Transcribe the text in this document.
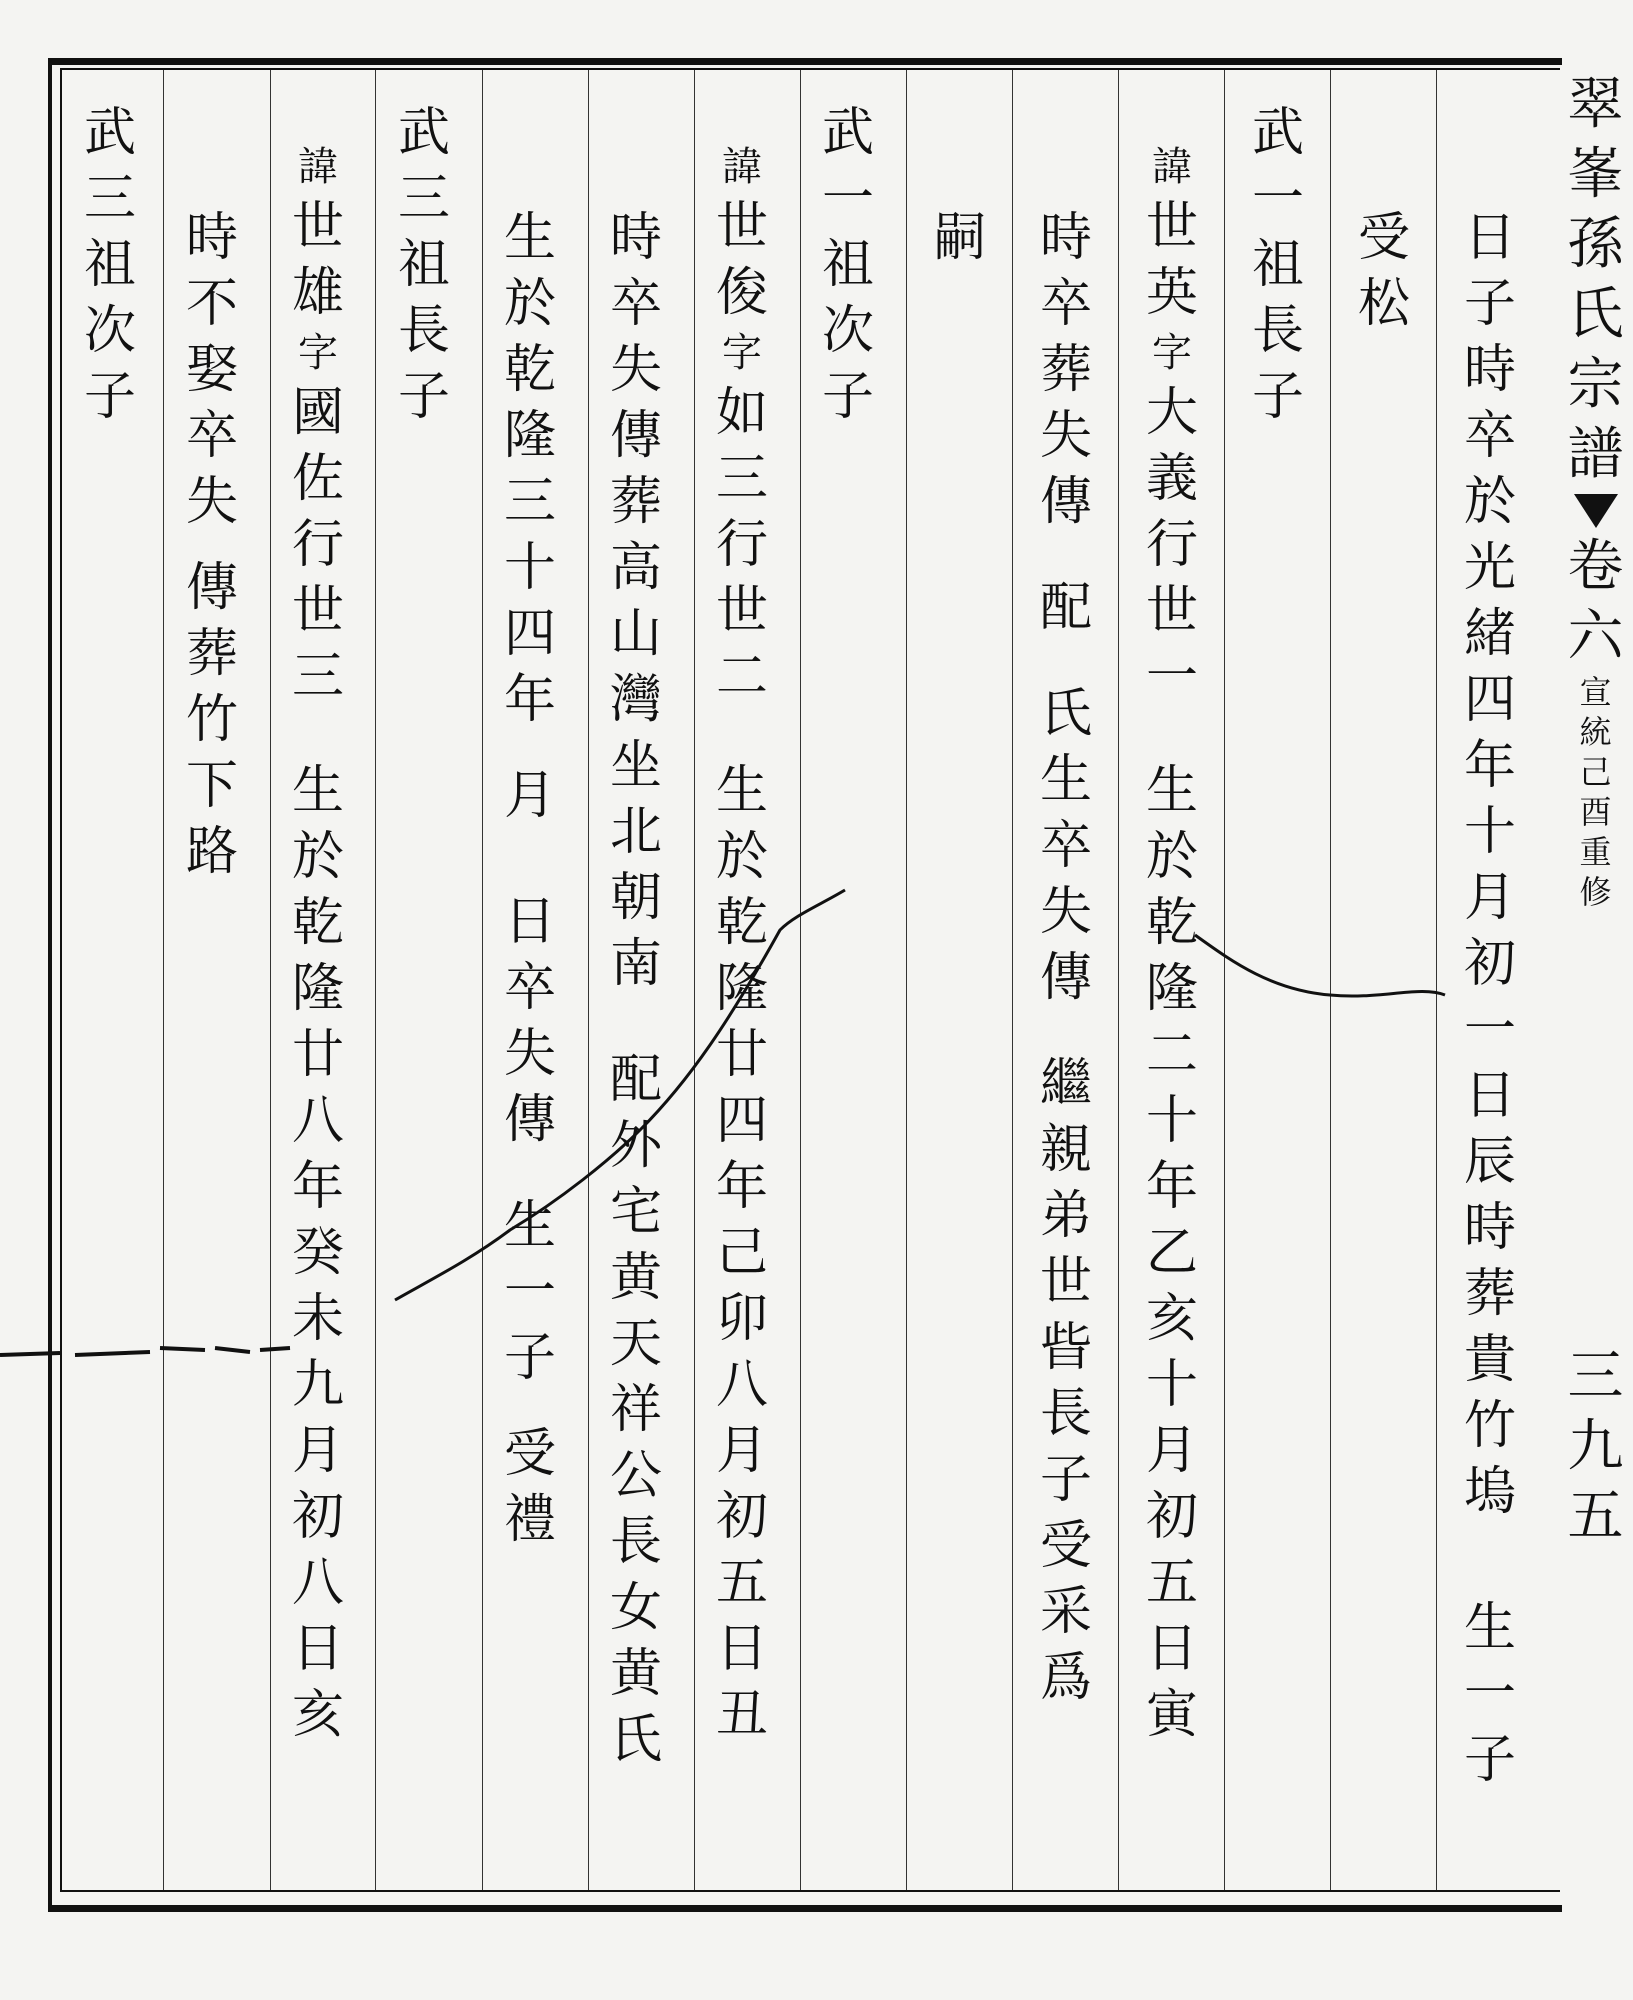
日
子
時
卒
於
光
緒
四
年
十
月
初
一
日
辰
時
葬
貴
竹
塢
生
一
子
受
松
武
一
祖
長
子
諱
世
英
字
大
義
行
世
一
生
於
乾
隆
二
十
年
乙
亥
十
月
初
五
日
寅
時
卒
葬
失
傳
配
氏
生
卒
失
傳
繼
親
弟
世
㫮
長
子
受
采
爲
嗣
武
一
祖
次
子
諱
世
俊
字
如
三
行
世
二
生
於
乾
隆
廿
四
年
己
卯
八
月
初
五
日
丑
時
卒
失
傳
葬
高
山
灣
坐
北
朝
南
配
外
宅
黄
天
祥
公
長
女
黄
氏
生
於
乾
隆
三
十
四
年
月
日
卒
失
傳
生
一
子
受
禮
武
三
祖
長
子
諱
世
雄
字
國
佐
行
世
三
生
於
乾
隆
廿
八
年
癸
未
九
月
初
八
日
亥
時
不
娶
卒
失
傳
葬
竹
下
路
武
三
祖
次
子
翠
峯
孫
氏
宗
譜
卷
六
宣
統
己
酉
重
修
三
九
五
